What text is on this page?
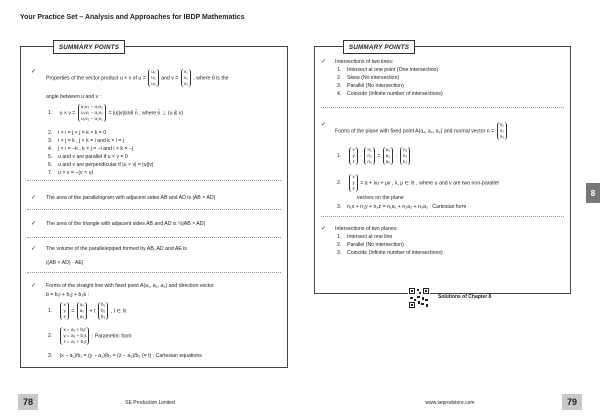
Your Practice Set – Analysis and Approaches for IBDP Mathematics
SUMMARY POINTS
✓
Properties of the vector product u × v of u = u₁
u₂
u₃ and v = v₁
v₂
v₃ , where θ is the
angle between u and v :
1. u × v = u₂v₃ − u₃v₂
u₃v₁ − u₁v₃
u₁v₂ − u₂v₁ = |u||v|sinθ n̂ , where n̂ ⊥ (u & v)
2. i × i = j × j = k × k = 0
3. i × j = k , j × k = i and k × i = j
4. j × i = −k , k × j = −i and i × k = −j
5. u and v are parallel if u × v = 0
6. u and v are perpendicular if |u × v| = |u||v|
7. u × v = −(v × u)
✓ The area of the parallelogram with adjacent sides AB and AD is |AB × AD|
✓ The area of the triangle with adjacent sides AB and AD is ½|AB × AD|
✓ The volume of the parallelepiped formed by AB, AD and AE is
|(AB × AD) · AE|
✓ Forms of the straight line with fixed point A(a₁, a₂, a₃) and direction vector
b = b₁i + b₂j + b₃k :
1. x
y
z = a₁
a₂
a₃ + t b₁
b₂
b₃ , t ∈ ℝ
2. x = a₁ + b₁t
y = a₂ + b₂t
z = a₃ + b₃t : Parametric form
3. (x − a₁)/b₁ = (y − a₂)/b₂ = (z − a₃)/b₃ (= t) : Cartesian equations
SUMMARY POINTS
✓ Intersections of two lines:
1. Intersect at one point (One intersection)
2. Skew (No intersection)
3. Parallel (No intersection)
4. Coincide (Infinite number of intersections)
✓
Forms of the plane with fixed point A(a₁, a₂, a₃) and normal vector n = n₁
n₂
n₃
1. x
y
z · n₁
n₂
n₃ = a₁
a₂
a₃ · n₁
n₂
n₃
2. x
y
z = a + λu + μv , λ, μ ∈ ℝ , where u and v are two non-parallel
vectors on the plane
3. n₁x + n₂y + n₃z = n₁a₁ + n₂a₂ + n₃a₃ : Cartesian form
✓ Intersections of two planes:
1. Intersect at one line
2. Parallel (No intersection)
3. Coincide (Infinite number of intersections)
8
Solutions of Chapter 8
78	79
SE Production Limited	www.seprodstore.com
